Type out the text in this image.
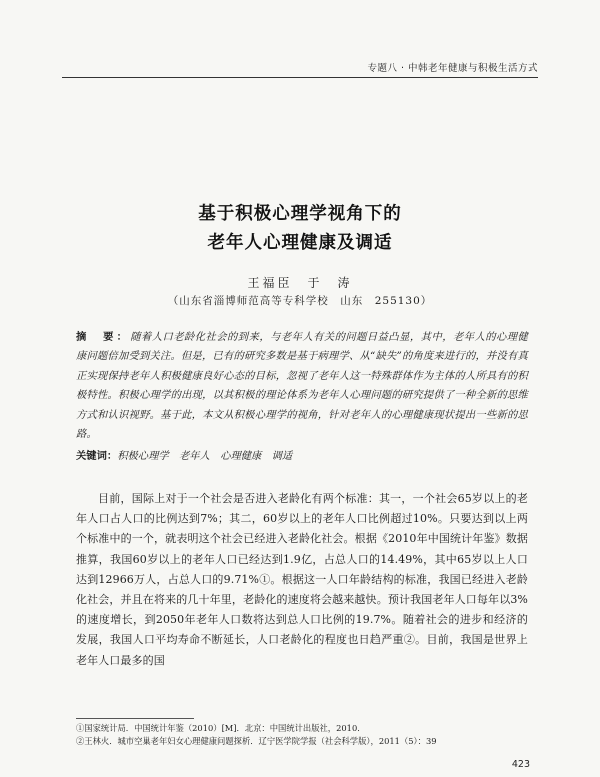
专题八 · 中韩老年健康与积极生活方式
基于积极心理学视角下的
老年人心理健康及调适
王福臣　于　涛
（山东省淄博师范高等专科学校　山东　255130）
摘　要：随着人口老龄化社会的到来，与老年人有关的问题日益凸显，其中，老年人的心理健康问题倍加受到关注。但是，已有的研究多数是基于病理学、从“缺失”的角度来进行的，并没有真正实现保持老年人积极健康良好心态的目标，忽视了老年人这一特殊群体作为主体的人所具有的积极特性。积极心理学的出现，以其积极的理论体系为老年人心理问题的研究提供了一种全新的思维方式和认识视野。基于此，本文从积极心理学的视角，针对老年人的心理健康现状提出一些新的思路。
关键词：积极心理学　老年人　心理健康　调适
目前，国际上对于一个社会是否进入老龄化有两个标准：其一，一个社会65岁以上的老年人口占人口的比例达到7%；其二，60岁以上的老年人口比例超过10%。只要达到以上两个标准中的一个，就表明这个社会已经进入老龄化社会。根据《2010年中国统计年鉴》数据推算，我国60岁以上的老年人口已经达到1.9亿，占总人口的14.49%，其中65岁以上人口达到12966万人，占总人口的9.71%①。根据这一人口年龄结构的标准，我国已经进入老龄化社会，并且在将来的几十年里，老龄化的速度将会越来越快。预计我国老年人口每年以3%的速度增长，到2050年老年人口数将达到总人口比例的19.7%。随着社会的进步和经济的发展，我国人口平均寿命不断延长，人口老龄化的程度也日趋严重②。目前，我国是世界上老年人口最多的国
①国家统计局．中国统计年鉴（2010）[M]．北京：中国统计出版社，2010．
②王林火．城市空巢老年妇女心理健康问题探析．辽宁医学院学报（社会科学版），2011（5）：39
423
